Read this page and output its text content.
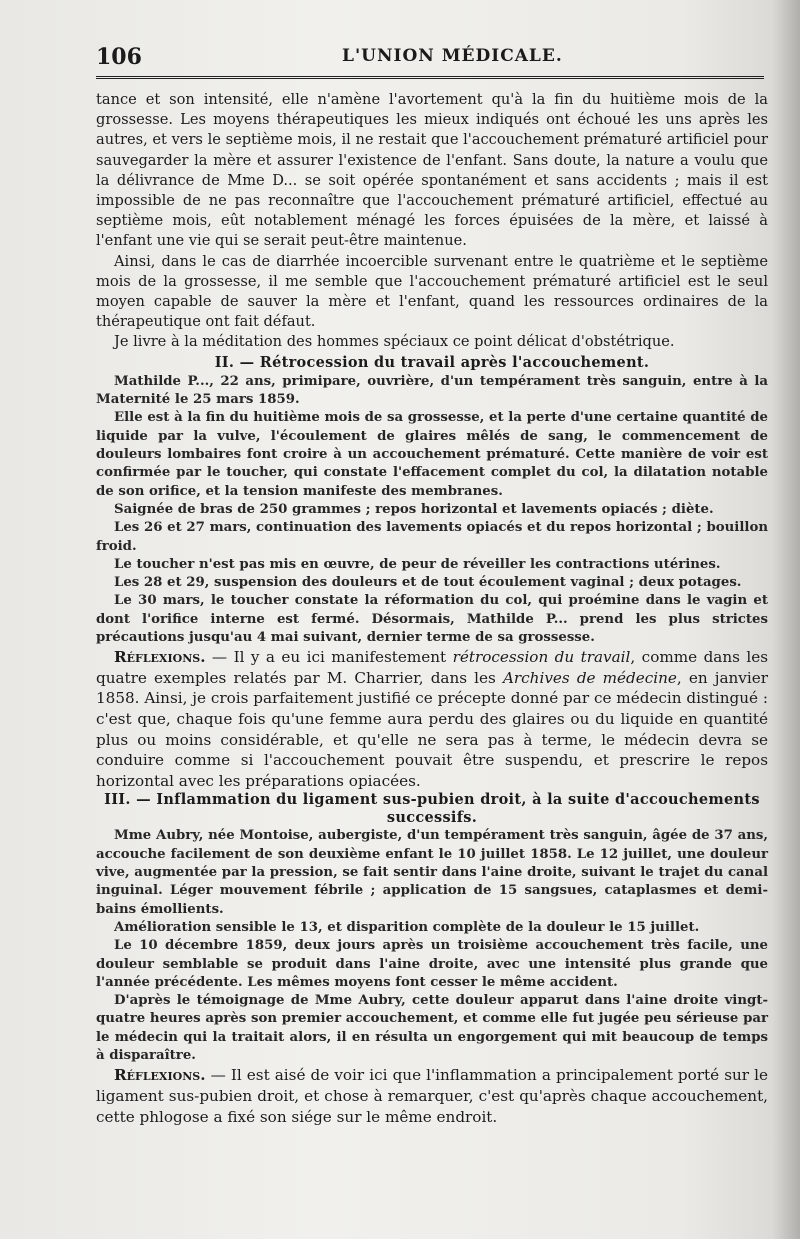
106	L'UNION MÉDICALE.

tance et son intensité, elle n'amène l'avortement qu'à la fin du huitième mois de la grossesse. Les moyens thérapeutiques les mieux indiqués ont échoué les uns après les autres, et vers le septième mois, il ne restait que l'accouchement prématuré artificiel pour sauvegarder la mère et assurer l'existence de l'enfant. Sans doute, la nature a voulu que la délivrance de Mme D... se soit opérée spontanément et sans accidents ; mais il est impossible de ne pas reconnaître que l'accouchement prématuré artificiel, effectué au septième mois, eût notablement ménagé les forces épuisées de la mère, et laissé à l'enfant une vie qui se serait peut-être maintenue.

Ainsi, dans le cas de diarrhée incoercible survenant entre le quatrième et le septième mois de la grossesse, il me semble que l'accouchement prématuré artificiel est le seul moyen capable de sauver la mère et l'enfant, quand les ressources ordinaires de la thérapeutique ont fait défaut.

Je livre à la méditation des hommes spéciaux ce point délicat d'obstétrique.

II. — Rétrocession du travail après l'accouchement.

Mathilde P..., 22 ans, primipare, ouvrière, d'un tempérament très sanguin, entre à la Maternité le 25 mars 1859.

Elle est à la fin du huitième mois de sa grossesse, et la perte d'une certaine quantité de liquide par la vulve, l'écoulement de glaires mêlés de sang, le commencement de douleurs lombaires font croire à un accouchement prématuré. Cette manière de voir est confirmée par le toucher, qui constate l'effacement complet du col, la dilatation notable de son orifice, et la tension manifeste des membranes.

Saignée de bras de 250 grammes ; repos horizontal et lavements opiacés ; diète.

Les 26 et 27 mars, continuation des lavements opiacés et du repos horizontal ; bouillon froid.

Le toucher n'est pas mis en œuvre, de peur de réveiller les contractions utérines.

Les 28 et 29, suspension des douleurs et de tout écoulement vaginal ; deux potages.

Le 30 mars, le toucher constate la réformation du col, qui proémine dans le vagin et dont l'orifice interne est fermé. Désormais, Mathilde P... prend les plus strictes précautions jusqu'au 4 mai suivant, dernier terme de sa grossesse.

Réflexions. — Il y a eu ici manifestement rétrocession du travail, comme dans les quatre exemples relatés par M. Charrier, dans les Archives de médecine, en janvier 1858. Ainsi, je crois parfaitement justifié ce précepte donné par ce médecin distingué : c'est que, chaque fois qu'une femme aura perdu des glaires ou du liquide en quantité plus ou moins considérable, et qu'elle ne sera pas à terme, le médecin devra se conduire comme si l'accouchement pouvait être suspendu, et prescrire le repos horizontal avec les préparations opiacées.

III. — Inflammation du ligament sus-pubien droit, à la suite d'accouchements successifs.

Mme Aubry, née Montoise, aubergiste, d'un tempérament très sanguin, âgée de 37 ans, accouche facilement de son deuxième enfant le 10 juillet 1858. Le 12 juillet, une douleur vive, augmentée par la pression, se fait sentir dans l'aine droite, suivant le trajet du canal inguinal. Léger mouvement fébrile ; application de 15 sangsues, cataplasmes et demi-bains émollients.

Amélioration sensible le 13, et disparition complète de la douleur le 15 juillet.

Le 10 décembre 1859, deux jours après un troisième accouchement très facile, une douleur semblable se produit dans l'aine droite, avec une intensité plus grande que l'année précédente. Les mêmes moyens font cesser le même accident.

D'après le témoignage de Mme Aubry, cette douleur apparut dans l'aine droite vingt-quatre heures après son premier accouchement, et comme elle fut jugée peu sérieuse par le médecin qui la traitait alors, il en résulta un engorgement qui mit beaucoup de temps à disparaître.

Réflexions. — Il est aisé de voir ici que l'inflammation a principalement porté sur le ligament sus-pubien droit, et chose à remarquer, c'est qu'après chaque accouchement, cette phlogose a fixé son siége sur le même endroit.
